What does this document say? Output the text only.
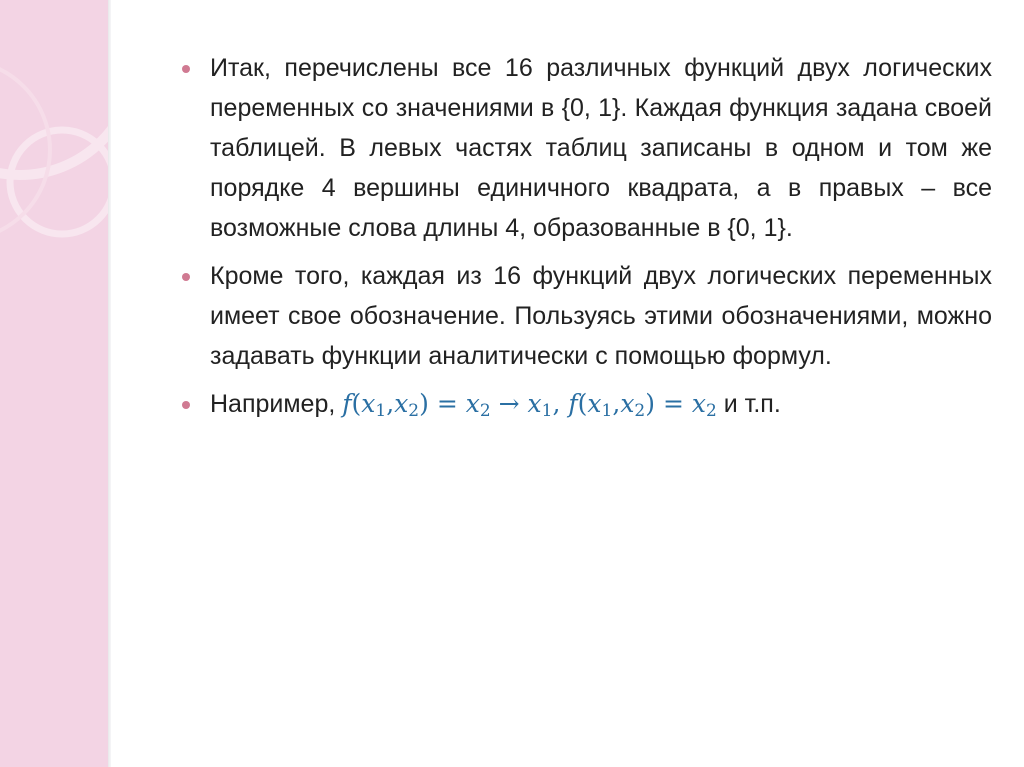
Итак, перечислены все 16 различных функций двух логических переменных со значениями в {0, 1}. Каждая функция задана своей таблицей. В левых частях таблиц записаны в одном и том же порядке 4 вершины единичного квадрата, а в правых – все возможные слова длины 4, образованные в {0, 1}.
Кроме того, каждая из 16 функций двух логических переменных имеет свое обозначение. Пользуясь этими обозначениями, можно задавать функции аналитически с помощью формул.
Например, $f(x_1,x_2) = x_2 \to x_1$, $f(x_1,x_2) = x_2$ и т.п.
